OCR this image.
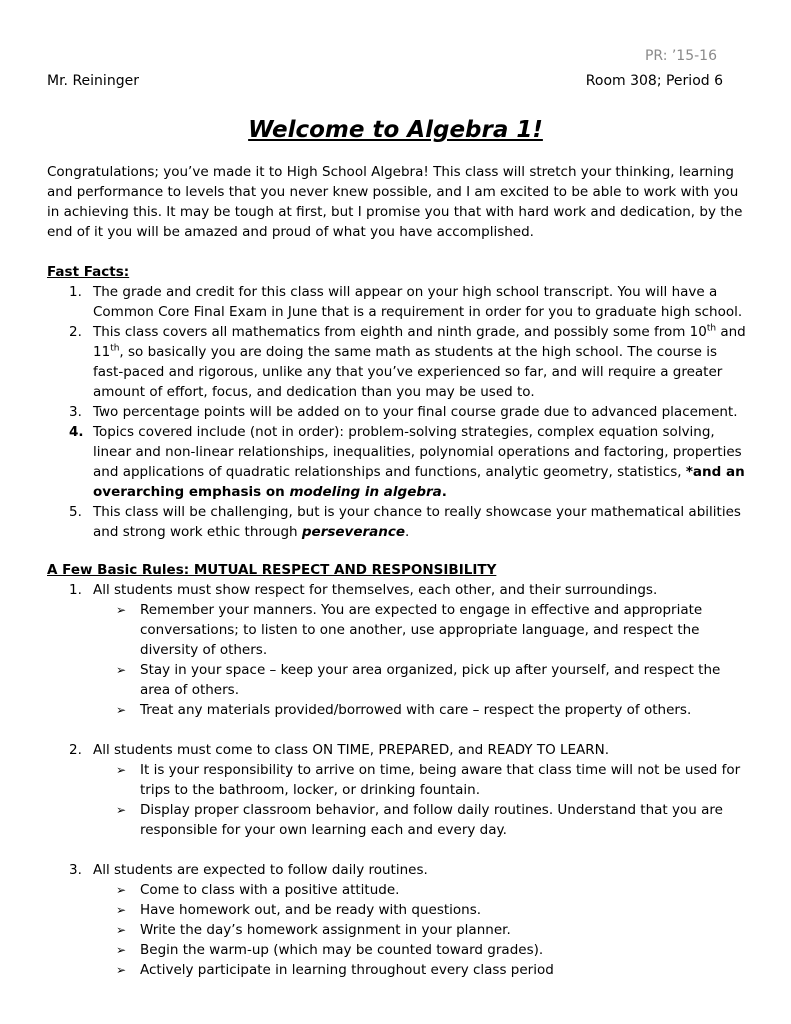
PR: ’15-16
Mr. Reininger	Room 308; Period 6
Welcome to Algebra 1!

Congratulations; you’ve made it to High School Algebra! This class will stretch your thinking, learning and performance to levels that you never knew possible, and I am excited to be able to work with you in achieving this. It may be tough at first, but I promise you that with hard work and dedication, by the end of it you will be amazed and proud of what you have accomplished.

Fast Facts:
1. The grade and credit for this class will appear on your high school transcript. You will have a Common Core Final Exam in June that is a requirement in order for you to graduate high school.
2. This class covers all mathematics from eighth and ninth grade, and possibly some from 10th and 11th, so basically you are doing the same math as students at the high school. The course is fast-paced and rigorous, unlike any that you’ve experienced so far, and will require a greater amount of effort, focus, and dedication than you may be used to.
3. Two percentage points will be added on to your final course grade due to advanced placement.
4. Topics covered include (not in order): problem-solving strategies, complex equation solving, linear and non-linear relationships, inequalities, polynomial operations and factoring, properties and applications of quadratic relationships and functions, analytic geometry, statistics, *and an overarching emphasis on modeling in algebra.
5. This class will be challenging, but is your chance to really showcase your mathematical abilities and strong work ethic through perseverance.
A Few Basic Rules: MUTUAL RESPECT AND RESPONSIBILITY
1. All students must show respect for themselves, each other, and their surroundings.
➢ Remember your manners. You are expected to engage in effective and appropriate conversations; to listen to one another, use appropriate language, and respect the diversity of others.
➢ Stay in your space – keep your area organized, pick up after yourself, and respect the area of others.
➢ Treat any materials provided/borrowed with care – respect the property of others.
2. All students must come to class ON TIME, PREPARED, and READY TO LEARN.
➢ It is your responsibility to arrive on time, being aware that class time will not be used for trips to the bathroom, locker, or drinking fountain.
➢ Display proper classroom behavior, and follow daily routines. Understand that you are responsible for your own learning each and every day.
3. All students are expected to follow daily routines.
➢ Come to class with a positive attitude.
➢ Have homework out, and be ready with questions.
➢ Write the day’s homework assignment in your planner.
➢ Begin the warm-up (which may be counted toward grades).
➢ Actively participate in learning throughout every class period
